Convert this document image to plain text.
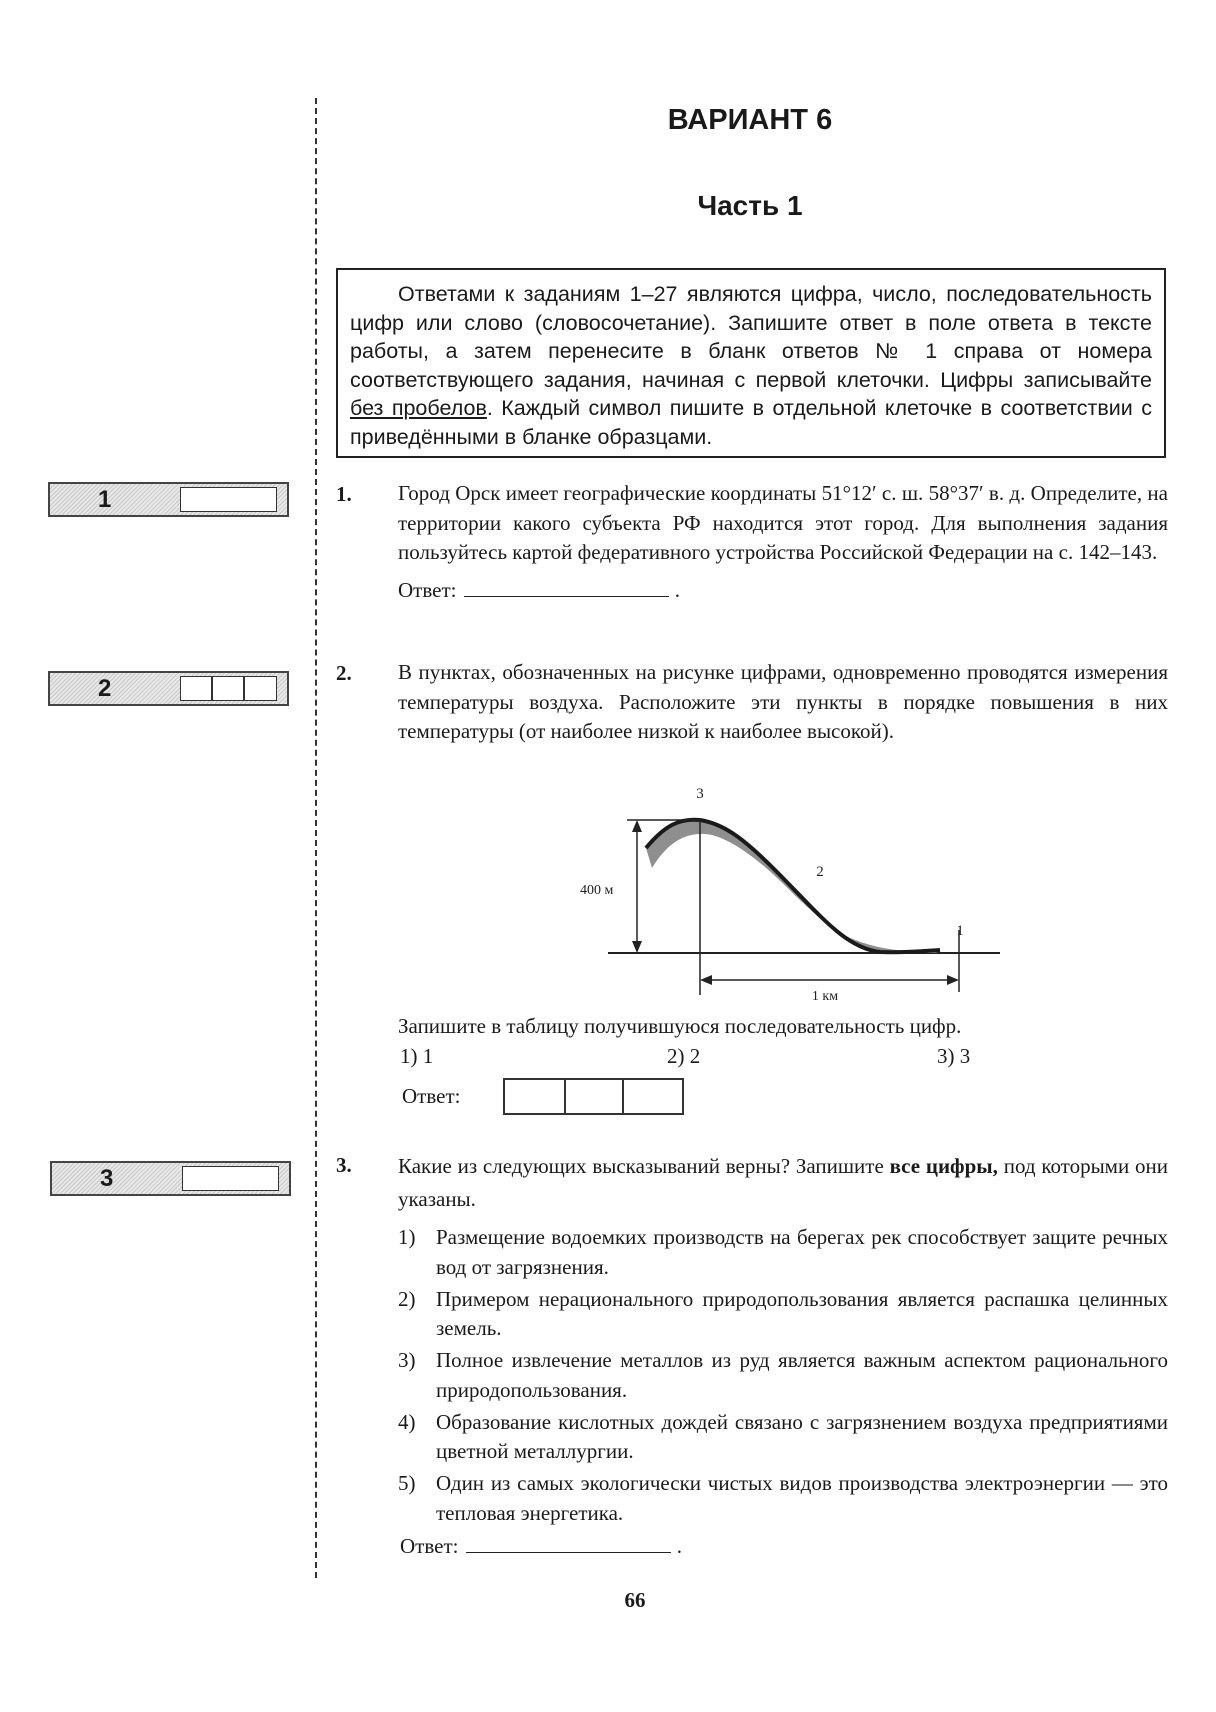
ВАРИАНТ 6
Часть 1

Ответами к заданиям 1–27 являются цифра, число, последовательность цифр или слово (словосочетание). Запишите ответ в поле ответа в тексте работы, а затем перенесите в бланк ответов № 1 справа от номера соответствующего задания, начиная с первой клеточки. Цифры записывайте без пробелов. Каждый символ пишите в отдельной клеточке в соответствии с приведёнными в бланке образцами.

1
2
3
1. Город Орск имеет географические координаты 51°12′ с. ш. 58°37′ в. д. Определите, на территории какого субъекта РФ находится этот город. Для выполнения задания пользуйтесь картой федеративного устройства Российской Федерации на с. 142–143.

Ответ:	.

2. В пунктах, обозначенных на рисунке цифрами, одновременно проводятся измерения температуры воздуха. Расположите эти пункты в порядке повышения в них температуры (от наиболее низкой к наиболее высокой).
400 м
1 км
3
2
1
Запишите в таблицу получившуюся последовательность цифр.
1) 1	2) 2	3) 3
Ответ:
3. Какие из следующих высказываний верны? Запишите все цифры, под которыми они указаны.
1) Размещение водоемких производств на берегах рек способствует защите речных вод от загрязнения.
2) Примером нерационального природопользования является распашка целинных земель.
3) Полное извлечение металлов из руд является важным аспектом рационального природопользования.
4) Образование кислотных дождей связано с загрязнением воздуха предприятиями цветной металлургии.
5) Один из самых экологически чистых видов производства электроэнергии — это тепловая энергетика.
Ответ:	.
66
